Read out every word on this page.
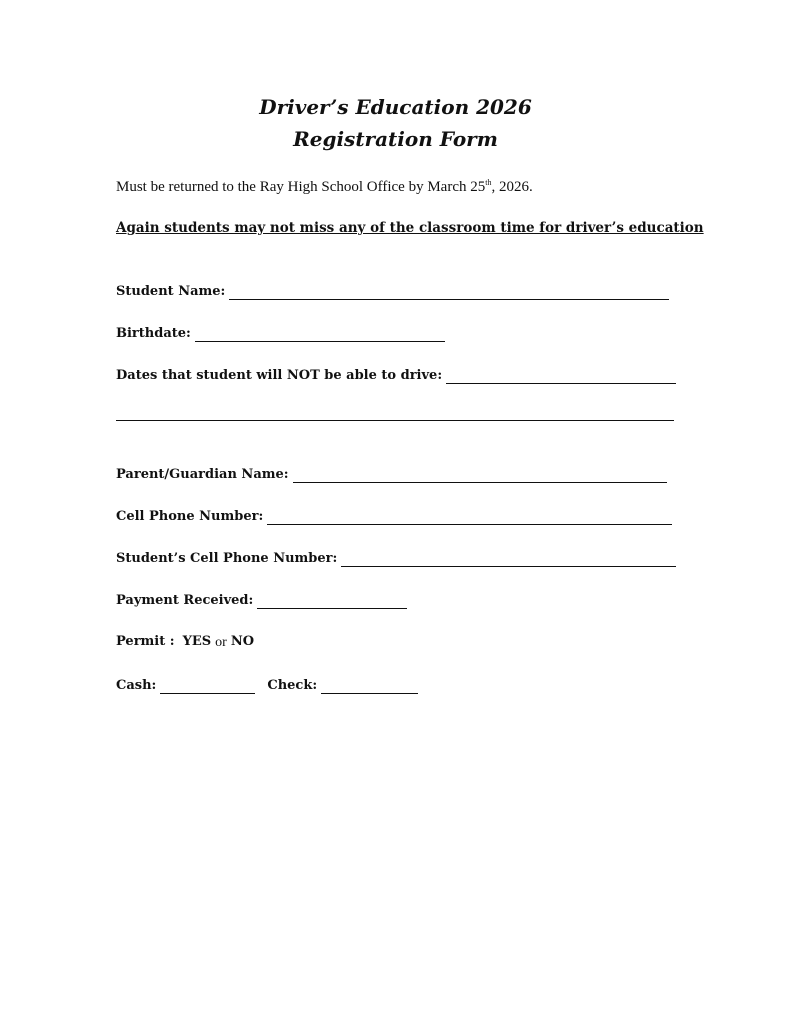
Driver’s Education 2026
Registration Form
Must be returned to the Ray High School Office by March 25th, 2026.
Again students may not miss any of the classroom time for driver’s education
Student Name:
Birthdate:
Dates that student will NOT be able to drive:
Parent/Guardian Name:
Cell Phone Number:
Student’s Cell Phone Number:
Payment Received:
Permit : YES or NO
Cash:	Check:
